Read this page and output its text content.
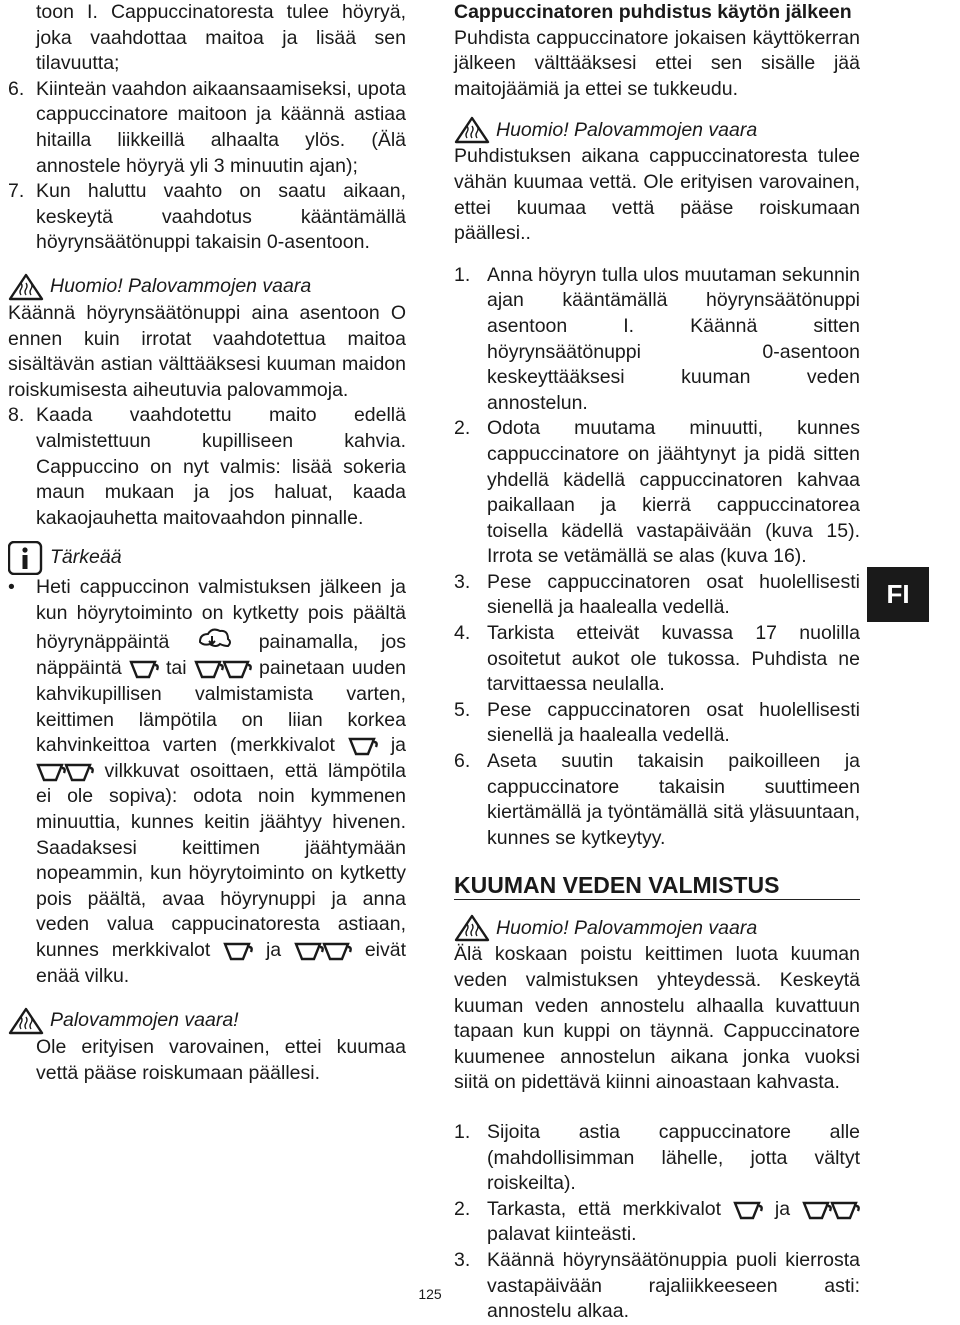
toon I. Cappuccinatoresta tulee höyryä, joka vaahdottaa maitoa ja lisää sen tilavuutta;

6. Kiinteän vaahdon aikaansaamiseksi, upota cappuccinatore maitoon ja käännä astiaa hitailla liikkeillä alhaalta ylös. (Älä annostele höyryä yli 3 minuutin ajan);
7. Kun haluttu vaahto on saatu aikaan, keskeytä vaahdotus kääntämällä höyrynsäätönuppi takaisin 0-asentoon.
Huomio! Palovammojen vaara

Käännä höyrynsäätönuppi aina asentoon O ennen kuin irrotat vaahdotettua maitoa sisältävän astian välttääksesi kuuman maidon roiskumisesta aiheutuvia palovammoja.

8. Kaada vaahdotettu maito edellä valmistettuun kupilliseen kahvia. Cappuccino on nyt valmis: lisää sokeria maun mukaan ja jos haluat, kaada kakaojauhetta maitovaahdon pinnalle.
Tärkeää
• Heti cappuccinon valmistuksen jälkeen ja kun höyrytoiminto on kytketty pois päältä höyrynäppäintä	painamalla, jos näppäintä tai	painetaan uuden kahvikupillisen valmistamista varten, keittimen lämpötila on liian korkea kahvinkeittoa varten (merkkivalot	ja  vilkkuvat osoittaen, että lämpötila ei ole sopiva): odota noin kymmenen minuuttia, kunnes keitin jäähtyy hivenen. Saadaksesi keittimen jäähtymään nopeammin, kun höyrytoiminto on kytketty pois päältä, avaa höyrynuppi ja anna veden valua cappucinatoresta astiaan, kunnes merkkivalot	ja	eivät enää vilku.
Palovammojen vaara!

Ole erityisen varovainen, ettei kuumaa vettä pääse roiskumaan päällesi.

Cappuccinatoren puhdistus käytön jälkeen

Puhdista cappuccinatore jokaisen käyttökerran jälkeen välttääksesi ettei sen sisälle jää maitojäämiä ja ettei se tukkeudu.

Huomio! Palovammojen vaara

Puhdistuksen aikana cappuccinatoresta tulee vähän kuumaa vettä. Ole erityisen varovainen, ettei kuumaa vettä pääse roiskumaan päällesi..

1. Anna höyryn tulla ulos muutaman sekunnin ajan kääntämällä höyrynsäätönuppi asentoon I. Käännä sitten höyrynsäätönuppi 0-asentoon keskeyttääksesi kuuman veden annostelun.
2. Odota muutama minuutti, kunnes cappuccinatore on jäähtynyt ja pidä sitten yhdellä kädellä cappuccinatoren kahvaa paikallaan ja kierrä cappuccinatorea toisella kädellä vastapäivään (kuva 15). Irrota se vetämällä se alas (kuva 16).
3. Pese cappuccinatoren osat huolellisesti sienellä ja haalealla vedellä.
4. Tarkista etteivät kuvassa 17 nuolilla osoitetut aukot ole tukossa. Puhdista ne tarvittaessa neulalla.
5. Pese cappuccinatoren osat huolellisesti sienellä ja haalealla vedellä.
6. Aseta suutin takaisin paikoilleen ja cappuccinatore takaisin suuttimeen kiertämällä ja työntämällä sitä yläsuuntaan, kunnes se kytkeytyy.
KUUMAN VEDEN VALMISTUS
Huomio! Palovammojen vaara

Älä koskaan poistu keittimen luota kuuman veden valmistuksen yhteydessä. Keskeytä kuuman veden annostelu alhaalla kuvattuun tapaan kun kuppi on täynnä. Cappuccinatore kuumenee annostelun aikana jonka vuoksi siitä on pidettävä kiinni ainoastaan kahvasta.

1. Sijoita astia cappuccinatore alle (mahdollisimman lähelle, jotta vältyt roiskeilta).
2. Tarkasta, että merkkivalot	ja  palavat kiinteästi.
3. Käännä höyrynsäätönuppia puoli kierrosta vastapäivään rajaliikkeeseen asti: annostelu alkaa.
FI
125
